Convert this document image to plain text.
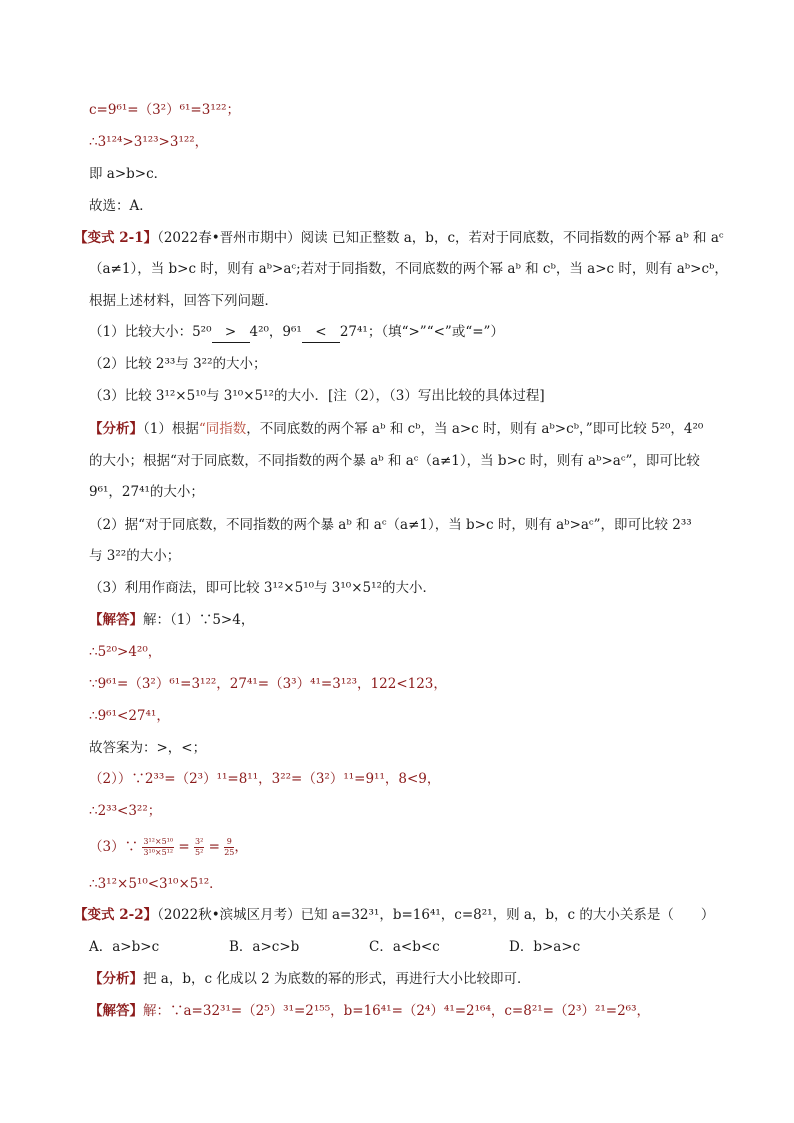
c=9⁶¹=（3²）⁶¹=3¹²²；
∴3¹²⁴>3¹²³>3¹²²，
即 a>b>c．
故选：A．
【变式 2-1】（2022春•晋州市期中）阅读 已知正整数 a，b，c，若对于同底数，不同指数的两个幂 aᵇ 和 aᶜ
（a≠1），当 b>c 时，则有 aᵇ>aᶜ;若对于同指数，不同底数的两个幂 aᵇ 和 cᵇ，当 a>c 时，则有 aᵇ>cᵇ，
根据上述材料，回答下列问题．
（1）比较大小：5²⁰ > 4²⁰，9⁶¹ < 27⁴¹；（填“>”“<”或“=”）
（2）比较 2³³与 3²²的大小；
（3）比较 3¹²×5¹⁰与 3¹⁰×5¹²的大小．[注（2），（3）写出比较的具体过程]
【分析】（1）根据“同指数，不同底数的两个幂 aᵇ 和 cᵇ，当 a>c 时，则有 aᵇ>cᵇ，”即可比较 5²⁰，4²⁰
的大小；根据“对于同底数，不同指数的两个暴 aᵇ 和 aᶜ（a≠1），当 b>c 时，则有 aᵇ>aᶜ”，即可比较
9⁶¹，27⁴¹的大小；
（2）据“对于同底数，不同指数的两个暴 aᵇ 和 aᶜ（a≠1），当 b>c 时，则有 aᵇ>aᶜ”，即可比较 2³³
与 3²²的大小；
（3）利用作商法，即可比较 3¹²×5¹⁰与 3¹⁰×5¹²的大小．
【解答】解：（1）∵5>4，
∴5²⁰>4²⁰，
∵9⁶¹=（3²）⁶¹=3¹²²，27⁴¹=（3³）⁴¹=3¹²³，122<123，
∴9⁶¹<27⁴¹，
故答案为：>，<；
（2））∵2³³=（2³）¹¹=8¹¹，3²²=（3²）¹¹=9¹¹，8<9，
∴2³³<3²²；
（3）∵ $\frac{\text{3¹²×5¹⁰}}{\text{3¹⁰×5¹²}} = \frac{\text{3²}}{\text{5²}} = \frac{9}{25}$ ，
∴3¹²×5¹⁰<3¹⁰×5¹²．
【变式 2-2】（2022秋•滨城区月考）已知 a=32³¹，b=16⁴¹，c=8²¹，则 a，b，c 的大小关系是（　　）
A．a>b>c	B．a>c>b	C．a<b<c	D．b>a>c
【分析】把 a，b，c 化成以 2 为底数的幂的形式，再进行大小比较即可．
【解答】解：∵a=32³¹=（2⁵）³¹=2¹⁵⁵，b=16⁴¹=（2⁴）⁴¹=2¹⁶⁴，c=8²¹=（2³）²¹=2⁶³，
